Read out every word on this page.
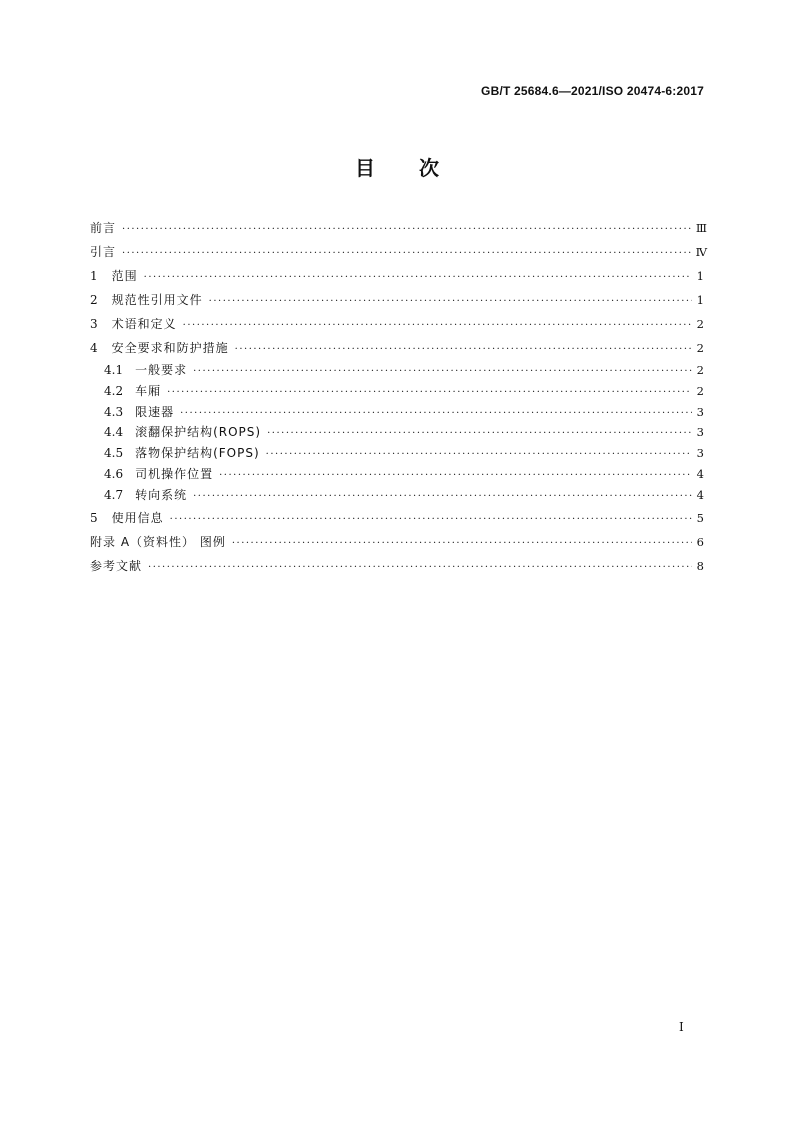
GB/T 25684.6—2021/ISO 20474-6:2017
目 次
前言 ·····	Ⅲ
引言 ·····	Ⅳ
1 范围 ·····	1
2 规范性引用文件 ·····	1
3 术语和定义 ·····	2
4 安全要求和防护措施 ·····	2
4.1 一般要求 ·····	2
4.2 车厢 ·····	2
4.3 限速器 ·····	3
4.4 滚翻保护结构(ROPS) ·····	3
4.5 落物保护结构(FOPS) ·····	3
4.6 司机操作位置 ·····	4
4.7 转向系统 ·····	4
5 使用信息 ·····	5
附录 A（资料性） 图例 ·····	6
参考文献 ·····	8
I
